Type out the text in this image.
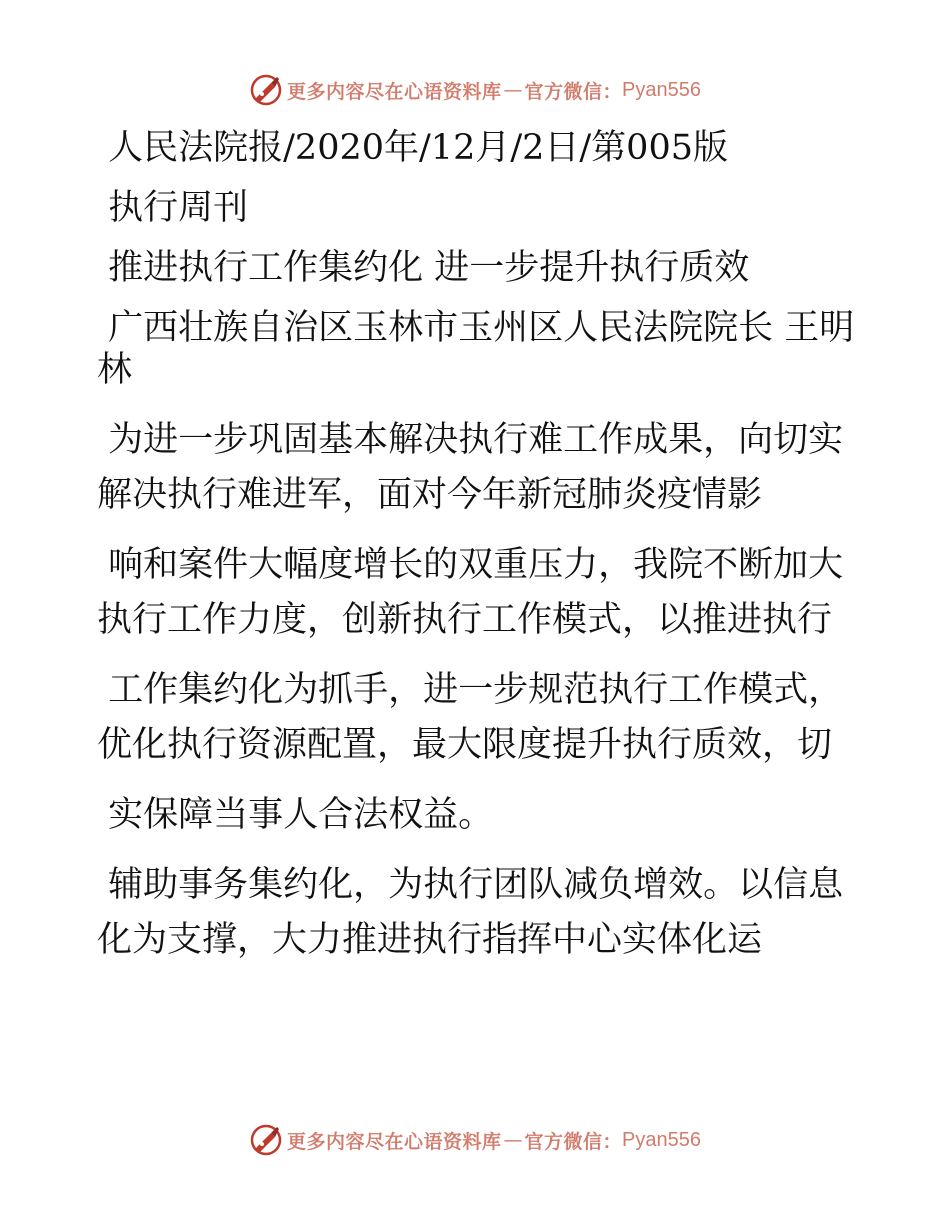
更多内容尽在心语资料库 — 官方微信： Pyan556

人民法院报/2020年/12月/2日/第005版

执行周刊

推进执行工作集约化 进一步提升执行质效

广西壮族自治区玉林市玉州区人民法院院长 王明

林

为进一步巩固基本解决执行难工作成果，向切实

解决执行难进军，面对今年新冠肺炎疫情影

响和案件大幅度增长的双重压力，我院不断加大

执行工作力度，创新执行工作模式，以推进执行

工作集约化为抓手，进一步规范执行工作模式，

优化执行资源配置，最大限度提升执行质效，切

实保障当事人合法权益。

辅助事务集约化，为执行团队减负增效。以信息

化为支撑，大力推进执行指挥中心实体化运

更多内容尽在心语资料库 — 官方微信： Pyan556
